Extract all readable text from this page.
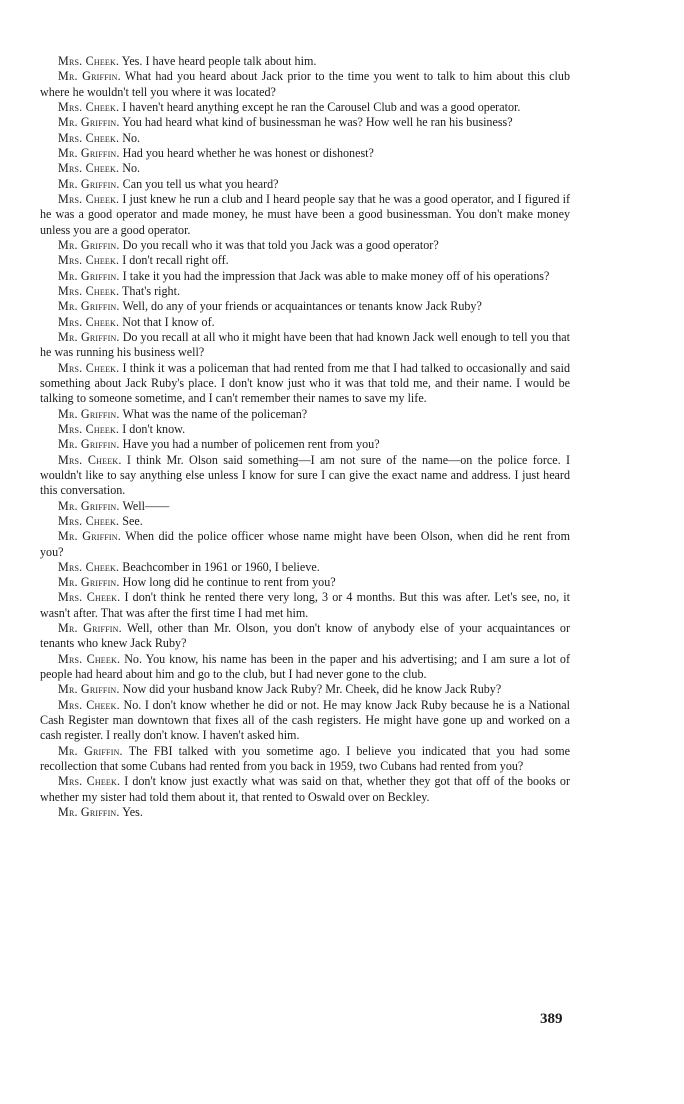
Mrs. Cheek. Yes. I have heard people talk about him.

Mr. Griffin. What had you heard about Jack prior to the time you went to talk to him about this club where he wouldn't tell you where it was located?

Mrs. Cheek. I haven't heard anything except he ran the Carousel Club and was a good operator.

Mr. Griffin. You had heard what kind of businessman he was? How well he ran his business?

Mrs. Cheek. No.

Mr. Griffin. Had you heard whether he was honest or dishonest?

Mrs. Cheek. No.

Mr. Griffin. Can you tell us what you heard?

Mrs. Cheek. I just knew he run a club and I heard people say that he was a good operator, and I figured if he was a good operator and made money, he must have been a good businessman. You don't make money unless you are a good operator.

Mr. Griffin. Do you recall who it was that told you Jack was a good operator?

Mrs. Cheek. I don't recall right off.

Mr. Griffin. I take it you had the impression that Jack was able to make money off of his operations?

Mrs. Cheek. That's right.

Mr. Griffin. Well, do any of your friends or acquaintances or tenants know Jack Ruby?

Mrs. Cheek. Not that I know of.

Mr. Griffin. Do you recall at all who it might have been that had known Jack well enough to tell you that he was running his business well?

Mrs. Cheek. I think it was a policeman that had rented from me that I had talked to occasionally and said something about Jack Ruby's place. I don't know just who it was that told me, and their name. I would be talking to someone sometime, and I can't remember their names to save my life.

Mr. Griffin. What was the name of the policeman?

Mrs. Cheek. I don't know.

Mr. Griffin. Have you had a number of policemen rent from you?

Mrs. Cheek. I think Mr. Olson said something—I am not sure of the name—on the police force. I wouldn't like to say anything else unless I know for sure I can give the exact name and address. I just heard this conversation.

Mr. Griffin. Well——

Mrs. Cheek. See.

Mr. Griffin. When did the police officer whose name might have been Olson, when did he rent from you?

Mrs. Cheek. Beachcomber in 1961 or 1960, I believe.

Mr. Griffin. How long did he continue to rent from you?

Mrs. Cheek. I don't think he rented there very long, 3 or 4 months. But this was after. Let's see, no, it wasn't after. That was after the first time I had met him.

Mr. Griffin. Well, other than Mr. Olson, you don't know of anybody else of your acquaintances or tenants who knew Jack Ruby?

Mrs. Cheek. No. You know, his name has been in the paper and his advertising; and I am sure a lot of people had heard about him and go to the club, but I had never gone to the club.

Mr. Griffin. Now did your husband know Jack Ruby? Mr. Cheek, did he know Jack Ruby?

Mrs. Cheek. No. I don't know whether he did or not. He may know Jack Ruby because he is a National Cash Register man downtown that fixes all of the cash registers. He might have gone up and worked on a cash register. I really don't know. I haven't asked him.

Mr. Griffin. The FBI talked with you sometime ago. I believe you indicated that you had some recollection that some Cubans had rented from you back in 1959, two Cubans had rented from you?

Mrs. Cheek. I don't know just exactly what was said on that, whether they got that off of the books or whether my sister had told them about it, that rented to Oswald over on Beckley.

Mr. Griffin. Yes.

389
